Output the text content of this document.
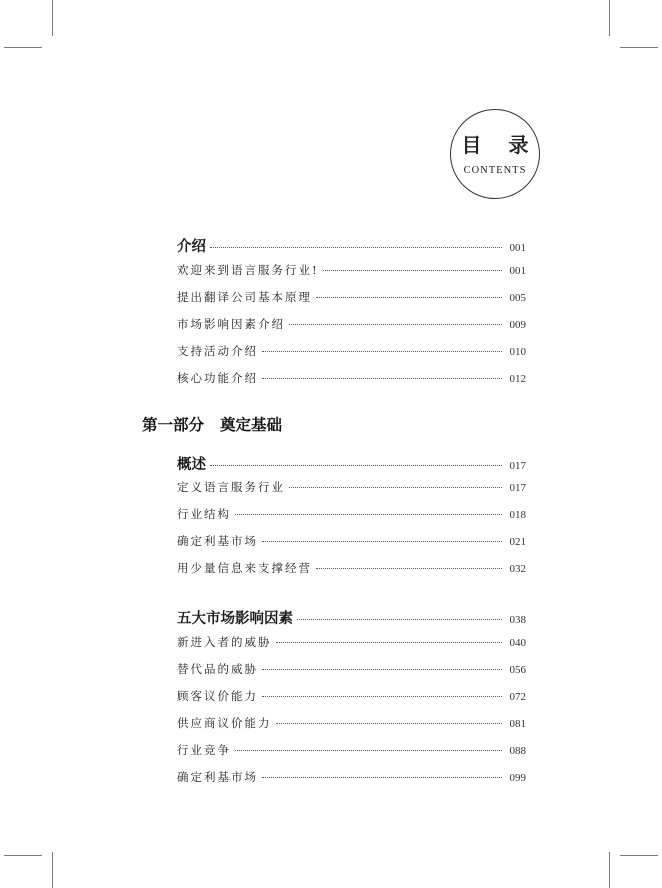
目 录
CONTENTS
介绍	001
欢迎来到语言服务行业!	001
提出翻译公司基本原理	005
市场影响因素介绍	009
支持活动介绍	010
核心功能介绍	012
第一部分 奠定基础
概述	017
定义语言服务行业	017
行业结构	018
确定利基市场	021
用少量信息来支撑经营	032
五大市场影响因素	038
新进入者的威胁	040
替代品的威胁	056
顾客议价能力	072
供应商议价能力	081
行业竞争	088
确定利基市场	099
